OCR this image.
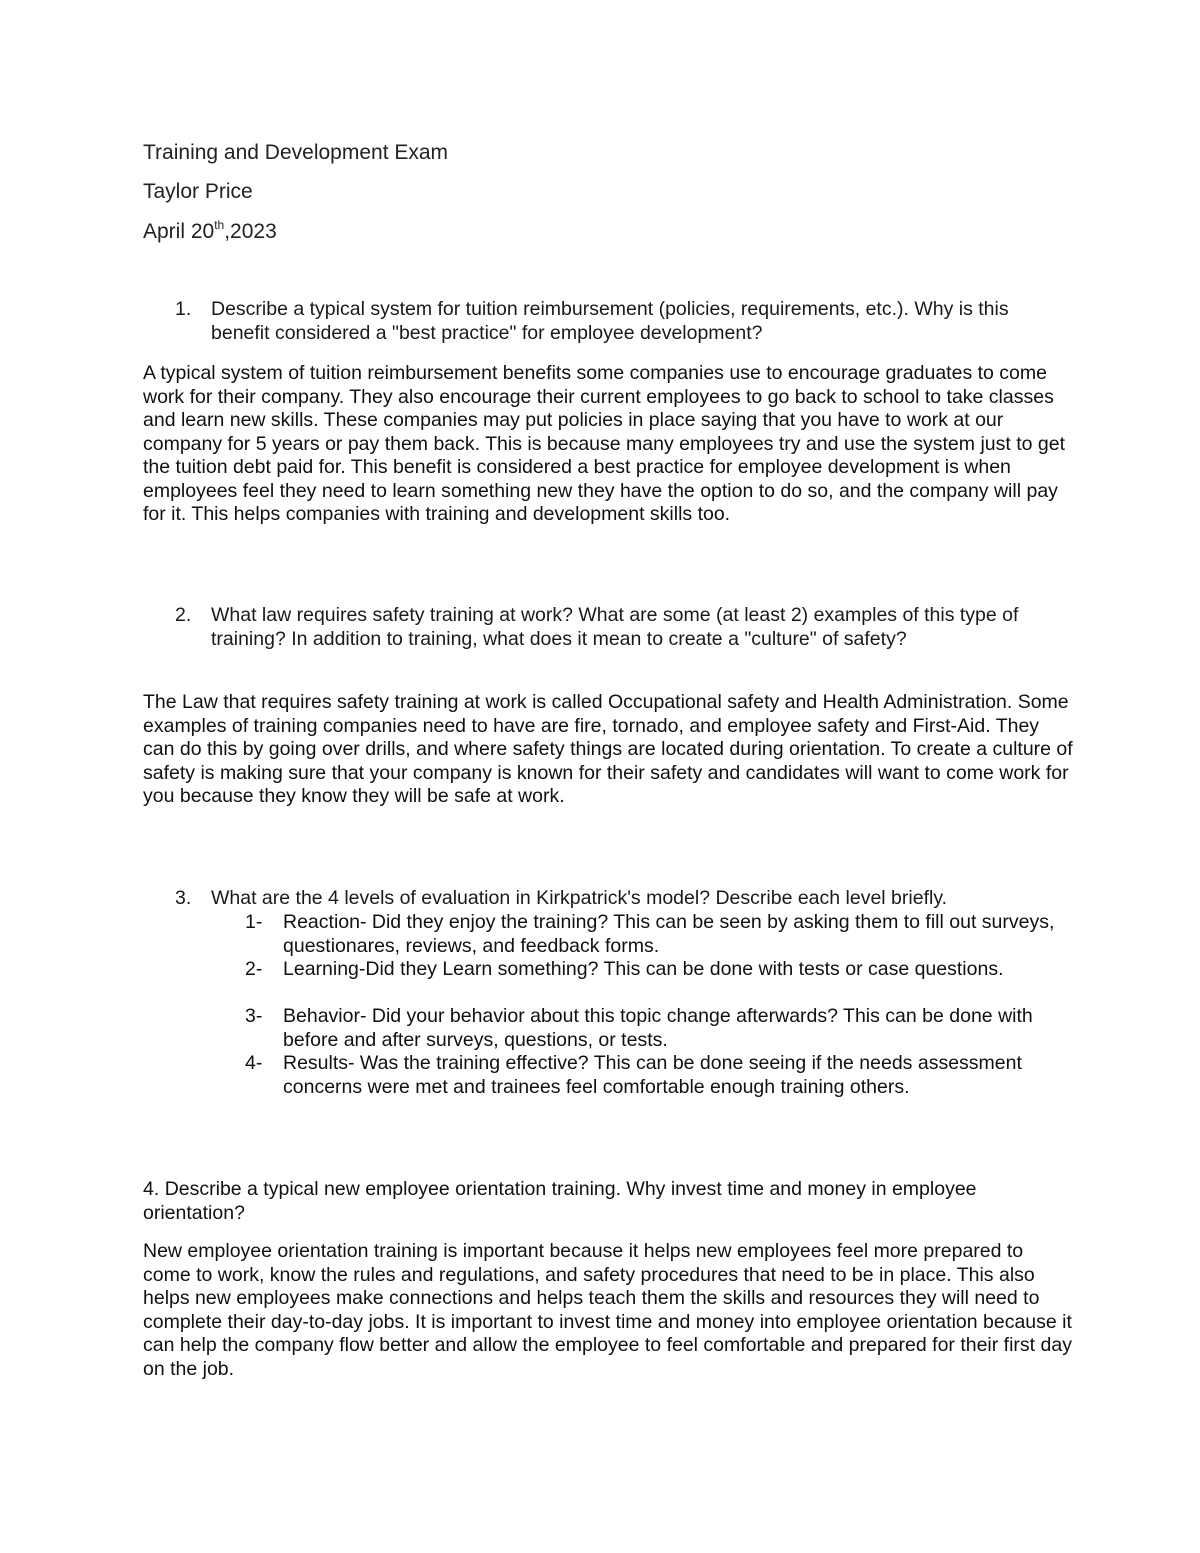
Training and Development Exam
Taylor Price
April 20th,2023
1. Describe a typical system for tuition reimbursement (policies, requirements, etc.). Why is this benefit considered a "best practice" for employee development?
A typical system of tuition reimbursement benefits some companies use to encourage graduates to come work for their company. They also encourage their current employees to go back to school to take classes and learn new skills. These companies may put policies in place saying that you have to work at our company for 5 years or pay them back. This is because many employees try and use the system just to get the tuition debt paid for. This benefit is considered a best practice for employee development is when employees feel they need to learn something new they have the option to do so, and the company will pay for it. This helps companies with training and development skills too.
2. What law requires safety training at work? What are some (at least 2) examples of this type of training? In addition to training, what does it mean to create a "culture" of safety?
The Law that requires safety training at work is called Occupational safety and Health Administration. Some examples of training companies need to have are fire, tornado, and employee safety and First-Aid. They can do this by going over drills, and where safety things are located during orientation. To create a culture of safety is making sure that your company is known for their safety and candidates will want to come work for you because they know they will be safe at work.
3. What are the 4 levels of evaluation in Kirkpatrick's model? Describe each level briefly.
1- Reaction- Did they enjoy the training? This can be seen by asking them to fill out surveys, questionares, reviews, and feedback forms.
2- Learning-Did they Learn something? This can be done with tests or case questions.
3- Behavior- Did your behavior about this topic change afterwards? This can be done with before and after surveys, questions, or tests.
4- Results- Was the training effective? This can be done seeing if the needs assessment concerns were met and trainees feel comfortable enough training others.
4. Describe a typical new employee orientation training. Why invest time and money in employee orientation?
New employee orientation training is important because it helps new employees feel more prepared to come to work, know the rules and regulations, and safety procedures that need to be in place. This also helps new employees make connections and helps teach them the skills and resources they will need to complete their day-to-day jobs. It is important to invest time and money into employee orientation because it can help the company flow better and allow the employee to feel comfortable and prepared for their first day on the job.
